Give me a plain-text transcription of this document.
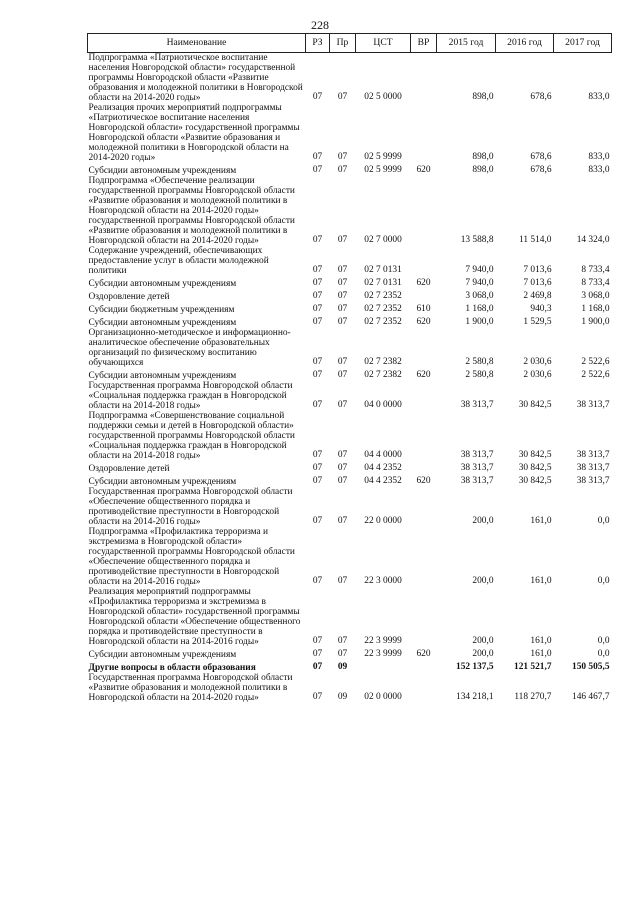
228
Наименование	РЗ	Пр	ЦСТ	ВР	2015 год	2016 год	2017 год
Подпрограмма «Патриотическое воспитание населения Новгородской области» государственной программы Новгородской области «Развитие образования и молодежной политики в Новгородской области на 2014-2020 годы»	07	07	02 5 0000		898,0	678,6	833,0
Реализация прочих мероприятий подпрограммы «Патриотическое воспитание населения Новгородской области» государственной программы Новгородской области «Развитие образования и молодежной политики в Новгородской области на 2014-2020 годы»	07	07	02 5 9999		898,0	678,6	833,0
Субсидии автономным учреждениям	07	07	02 5 9999	620	898,0	678,6	833,0
Подпрограмма «Обеспечение реализации государственной программы Новгородской области «Развитие образования и молодежной политики в Новгородской области на 2014-2020 годы» государственной программы Новгородской области «Развитие образования и молодежной политики в Новгородской области на 2014-2020 годы»	07	07	02 7 0000		13 588,8	11 514,0	14 324,0
Содержание учреждений, обеспечивающих предоставление услуг в области молодежной политики	07	07	02 7 0131		7 940,0	7 013,6	8 733,4
Субсидии автономным учреждениям	07	07	02 7 0131	620	7 940,0	7 013,6	8 733,4
Оздоровление детей	07	07	02 7 2352		3 068,0	2 469,8	3 068,0
Субсидии бюджетным учреждениям	07	07	02 7 2352	610	1 168,0	940,3	1 168,0
Субсидии автономным учреждениям	07	07	02 7 2352	620	1 900,0	1 529,5	1 900,0
Организационно-методическое и информационно-аналитическое обеспечение образовательных организаций по физическому воспитанию обучающихся	07	07	02 7 2382		2 580,8	2 030,6	2 522,6
Субсидии автономным учреждениям	07	07	02 7 2382	620	2 580,8	2 030,6	2 522,6
Государственная программа Новгородской области «Социальная поддержка граждан в Новгородской области на 2014-2018 годы»	07	07	04 0 0000		38 313,7	30 842,5	38 313,7
Подпрограмма «Совершенствование социальной поддержки семьи и детей в Новгородской области» государственной программы Новгородской области «Социальная поддержка граждан в Новгородской области на 2014-2018 годы»	07	07	04 4 0000		38 313,7	30 842,5	38 313,7
Оздоровление детей	07	07	04 4 2352		38 313,7	30 842,5	38 313,7
Субсидии автономным учреждениям	07	07	04 4 2352	620	38 313,7	30 842,5	38 313,7
Государственная программа Новгородской области «Обеспечение общественного порядка и противодействие преступности в Новгородской области на 2014-2016 годы»	07	07	22 0 0000		200,0	161,0	0,0
Подпрограмма «Профилактика терроризма и экстремизма в Новгородской области» государственной программы Новгородской области «Обеспечение общественного порядка и противодействие преступности в Новгородской области на 2014-2016 годы»	07	07	22 3 0000		200,0	161,0	0,0
Реализация мероприятий подпрограммы «Профилактика терроризма и экстремизма в Новгородской области» государственной программы Новгородской области «Обеспечение общественного порядка и противодействие преступности в Новгородской области на 2014-2016 годы»	07	07	22 3 9999		200,0	161,0	0,0
Субсидии автономным учреждениям	07	07	22 3 9999	620	200,0	161,0	0,0
Другие вопросы в области образования	07	09			152 137,5	121 521,7	150 505,5
Государственная программа Новгородской области «Развитие образования и молодежной политики в Новгородской области на 2014-2020 годы»	07	09	02 0 0000		134 218,1	118 270,7	146 467,7
